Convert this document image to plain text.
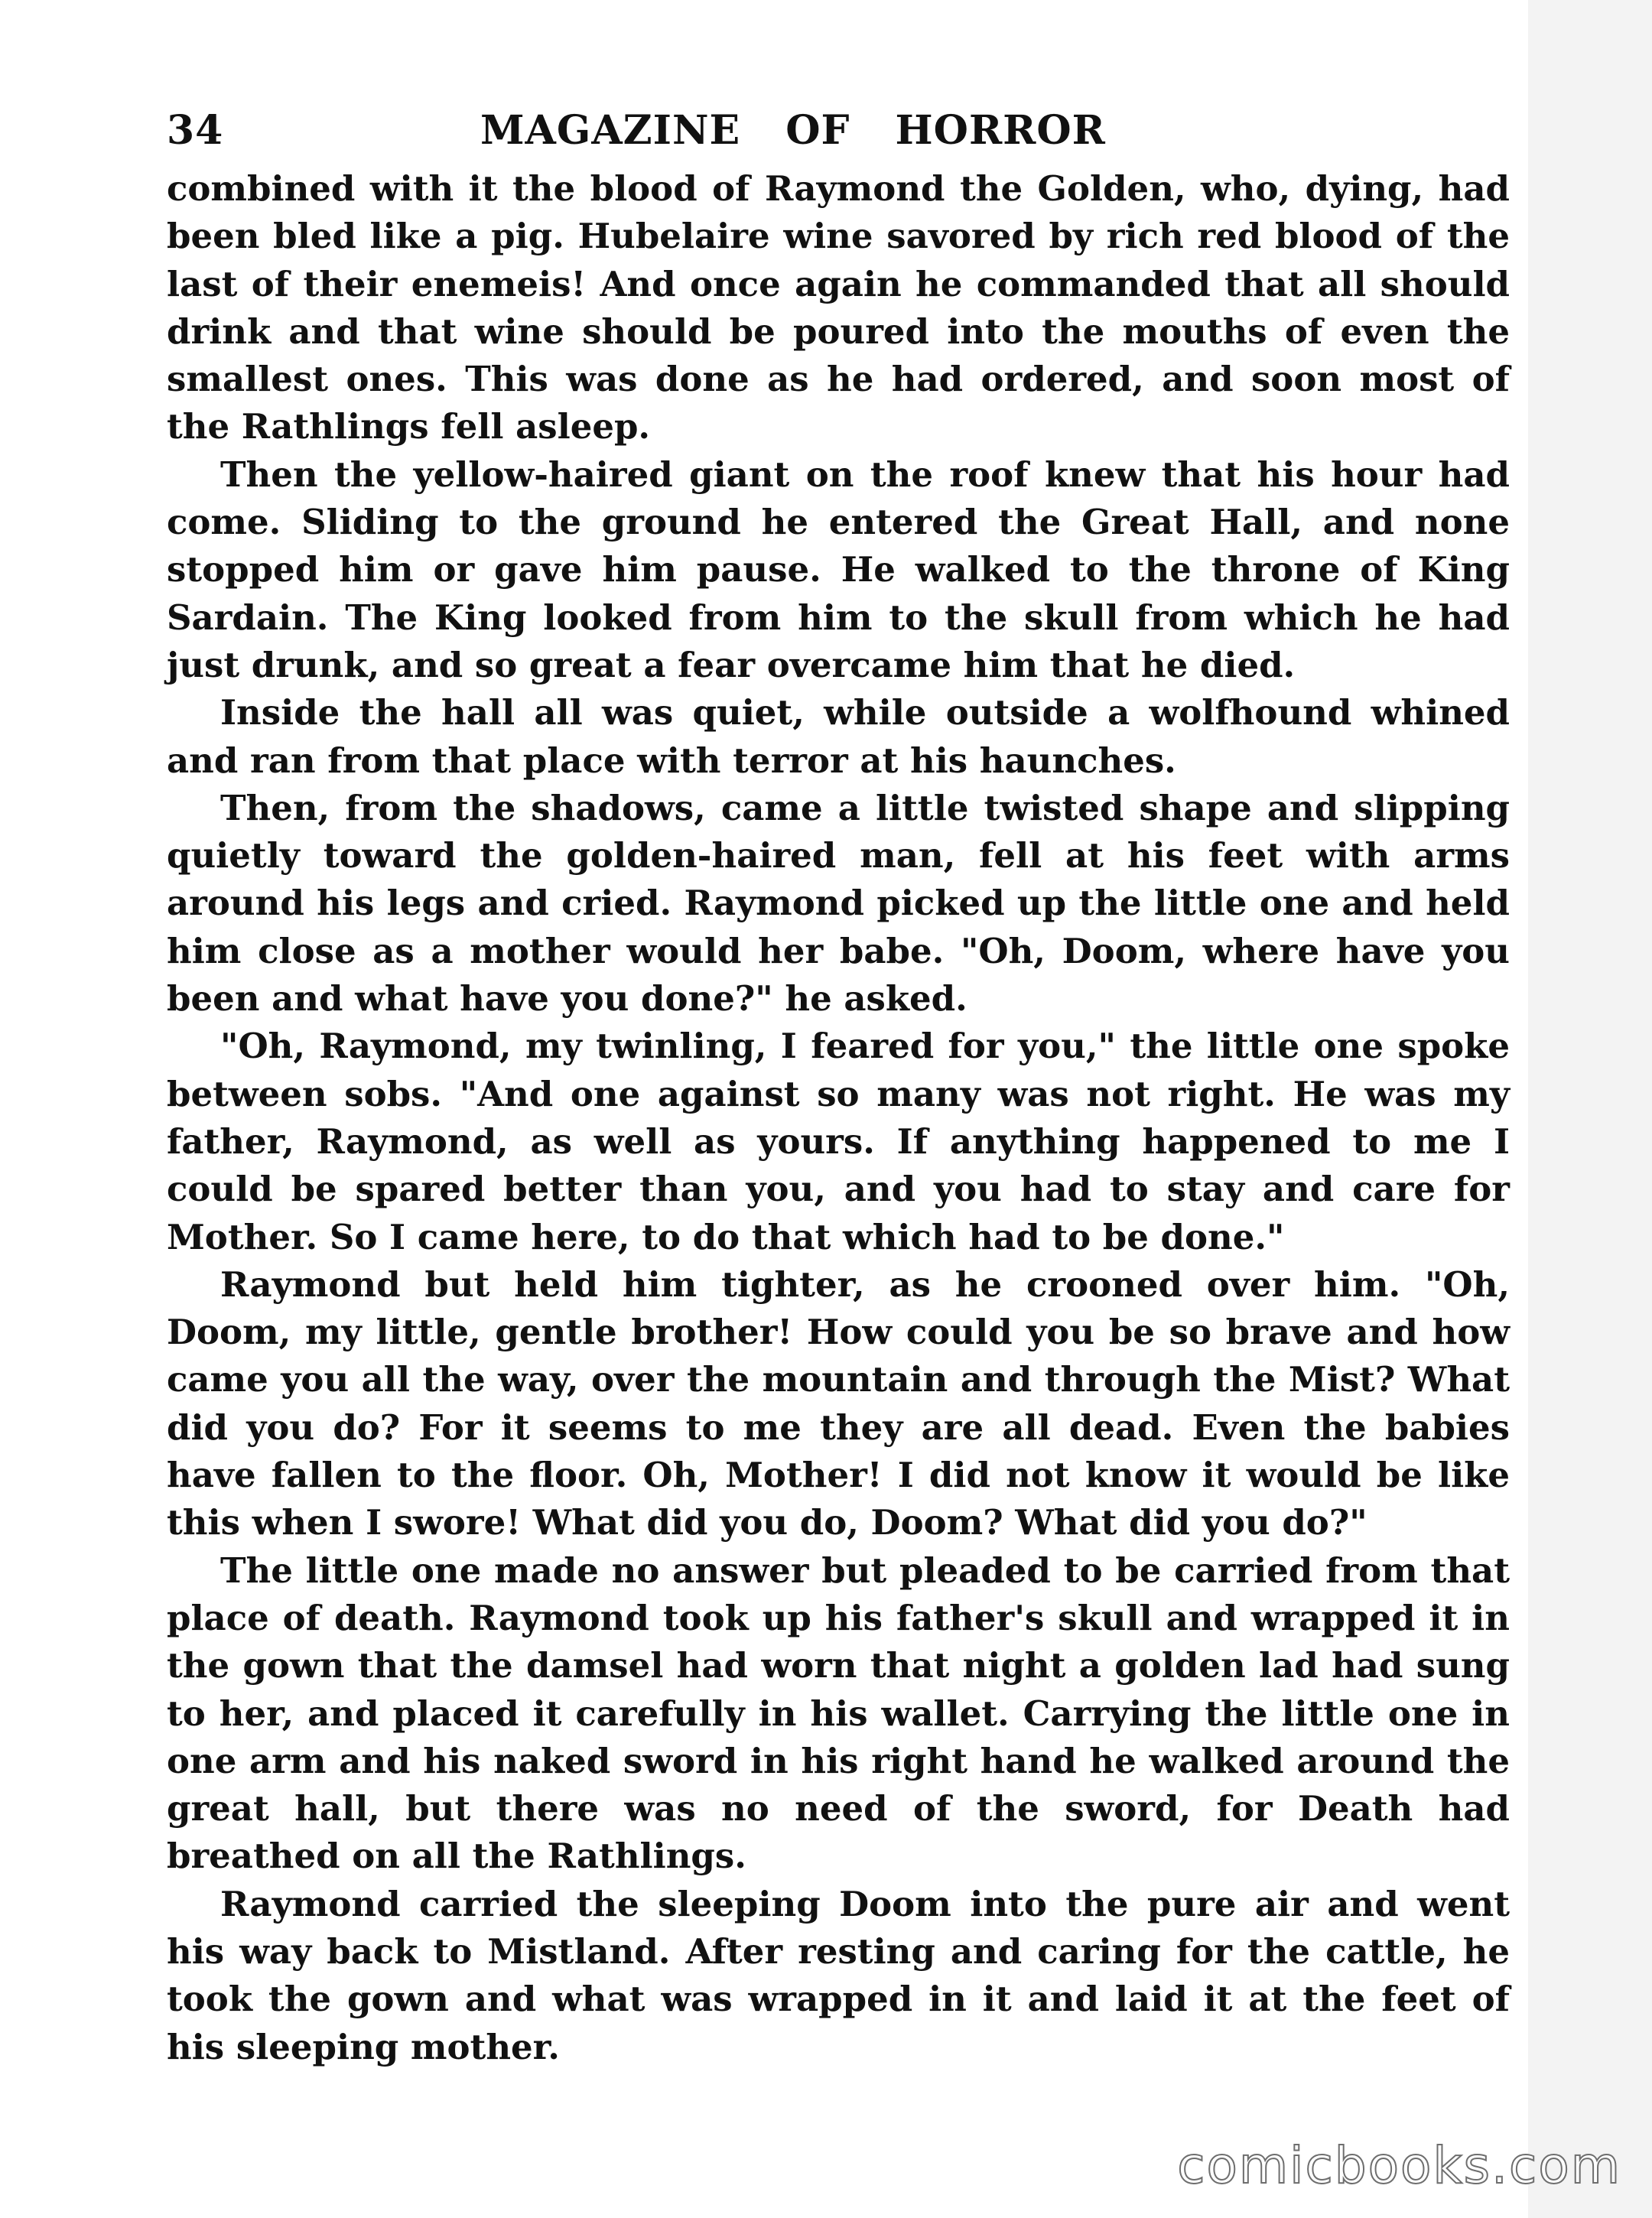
34	MAGAZINE OF HORROR

combined with it the blood of Raymond the Golden, who, dying, had been bled like a pig. Hubelaire wine savored by rich red blood of the last of their enemeis! And once again he commanded that all should drink and that wine should be poured into the mouths of even the smallest ones. This was done as he had ordered, and soon most of the Rathlings fell asleep.

Then the yellow-haired giant on the roof knew that his hour had come. Sliding to the ground he entered the Great Hall, and none stopped him or gave him pause. He walked to the throne of King Sardain. The King looked from him to the skull from which he had just drunk, and so great a fear overcame him that he died.

Inside the hall all was quiet, while outside a wolfhound whined and ran from that place with terror at his haunches.

Then, from the shadows, came a little twisted shape and slipping quietly toward the golden-haired man, fell at his feet with arms around his legs and cried. Raymond picked up the little one and held him close as a mother would her babe. "Oh, Doom, where have you been and what have you done?" he asked.

"Oh, Raymond, my twinling, I feared for you," the little one spoke between sobs. "And one against so many was not right. He was my father, Raymond, as well as yours. If anything happened to me I could be spared better than you, and you had to stay and care for Mother. So I came here, to do that which had to be done."

Raymond but held him tighter, as he crooned over him. "Oh, Doom, my little, gentle brother! How could you be so brave and how came you all the way, over the mountain and through the Mist? What did you do? For it seems to me they are all dead. Even the babies have fallen to the floor. Oh, Mother! I did not know it would be like this when I swore! What did you do, Doom? What did you do?"

The little one made no answer but pleaded to be carried from that place of death. Raymond took up his father's skull and wrapped it in the gown that the damsel had worn that night a golden lad had sung to her, and placed it carefully in his wallet. Carrying the little one in one arm and his naked sword in his right hand he walked around the great hall, but there was no need of the sword, for Death had breathed on all the Rathlings.

Raymond carried the sleeping Doom into the pure air and went his way back to Mistland. After resting and caring for the cattle, he took the gown and what was wrapped in it and laid it at the feet of his sleeping mother.

comicbooks.com
